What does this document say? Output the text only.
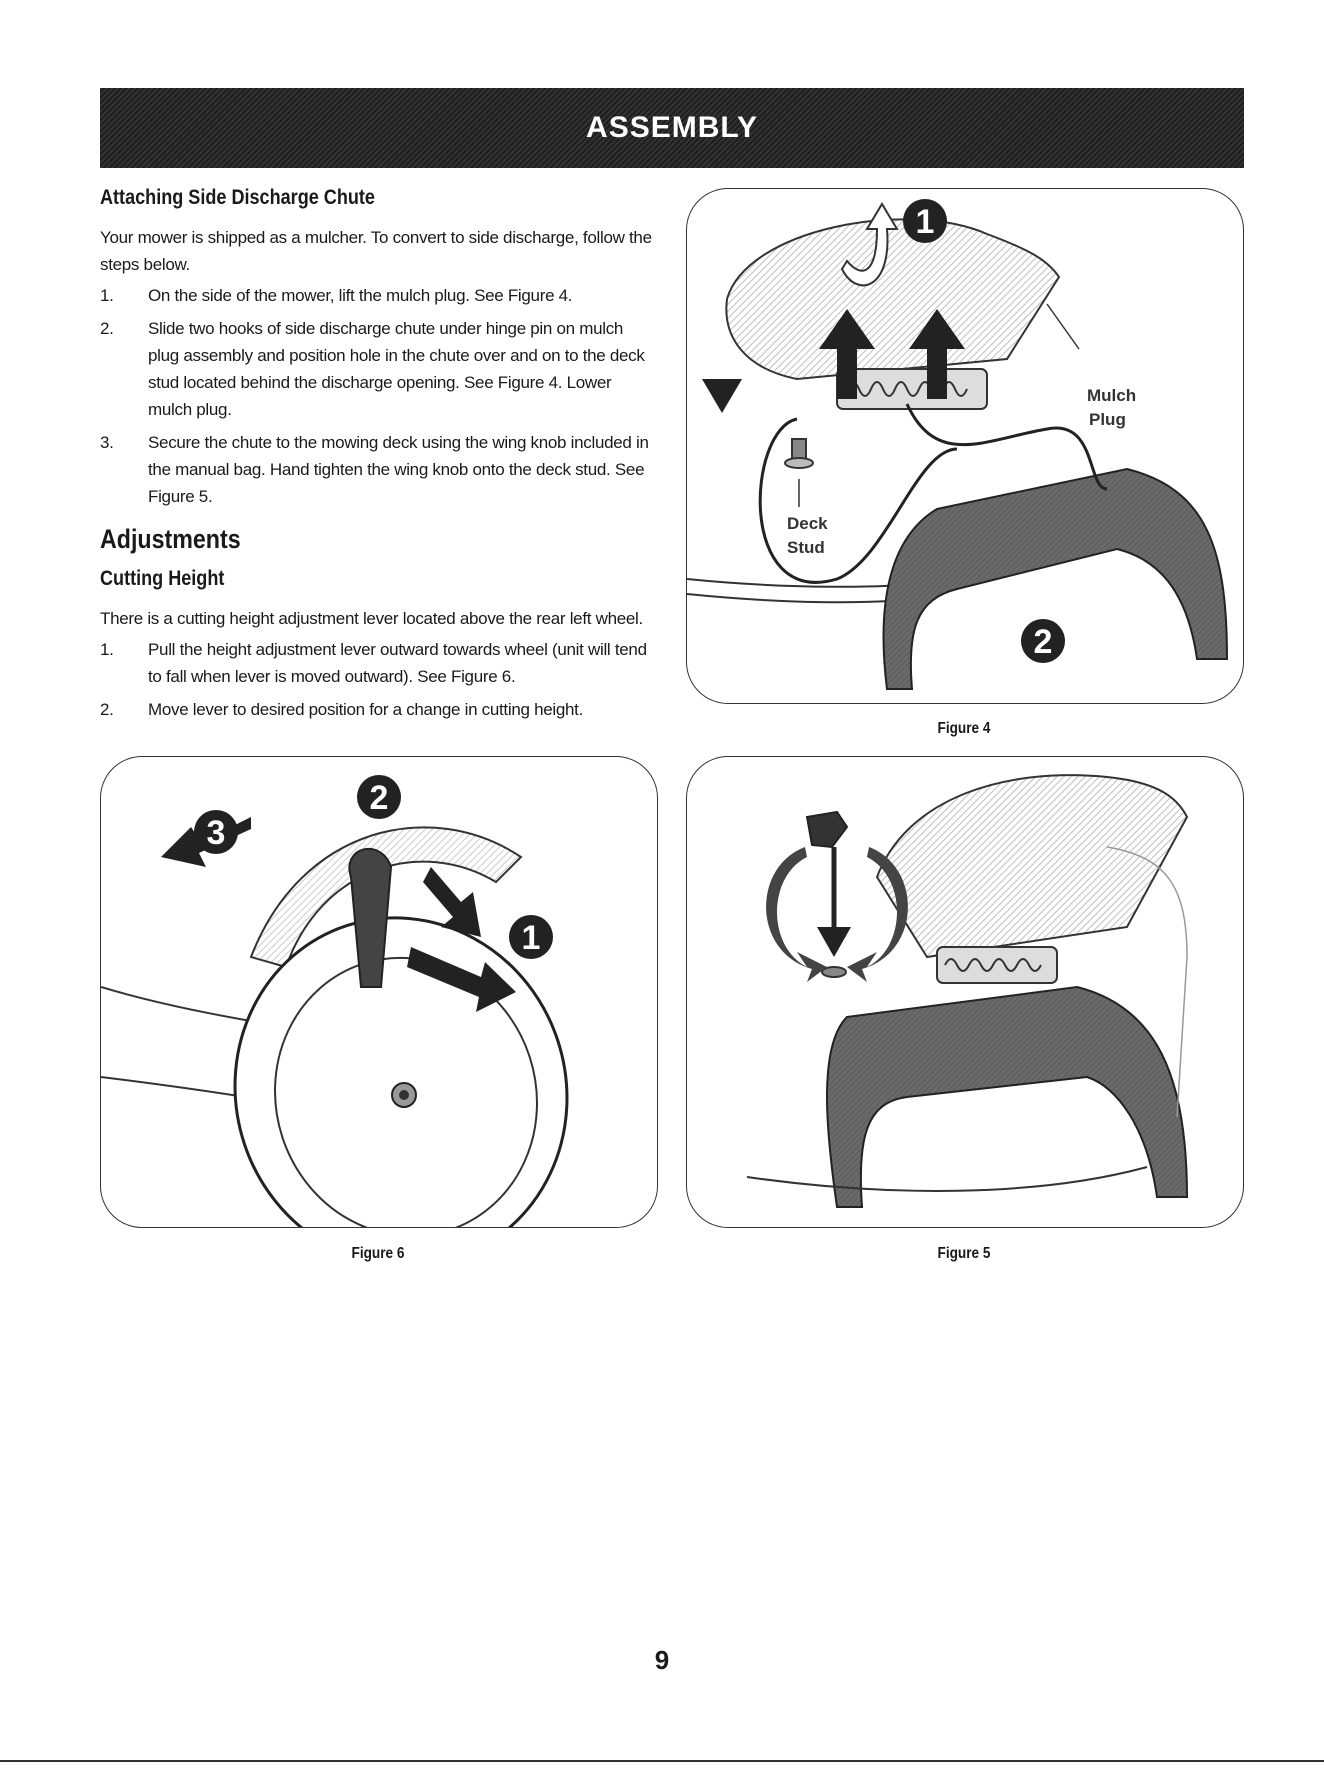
ASSEMBLY
Attaching Side Discharge Chute

Your mower is shipped as a mulcher. To convert to side discharge, follow the steps below.

1.	On the side of the mower, lift the mulch plug. See Figure 4.
2.	Slide two hooks of side discharge chute under hinge pin on mulch plug assembly and position hole in the chute over and on to the deck stud located behind the discharge opening. See Figure 4. Lower mulch plug.
3.	Secure the chute to the mowing deck using the wing knob included in the manual bag. Hand tighten the wing knob onto the deck stud. See Figure 5.
Adjustments
Cutting Height

There is a cutting height adjustment lever located above the rear left wheel.

1.	Pull the height adjustment lever outward towards wheel (unit will tend to fall when lever is moved outward). See Figure 6.
2.	Move lever to desired position for a change in cutting height.
1
2
Mulch
Plug
Deck
Stud
Figure 4
3
2
1
Figure 6	Figure 5
9
